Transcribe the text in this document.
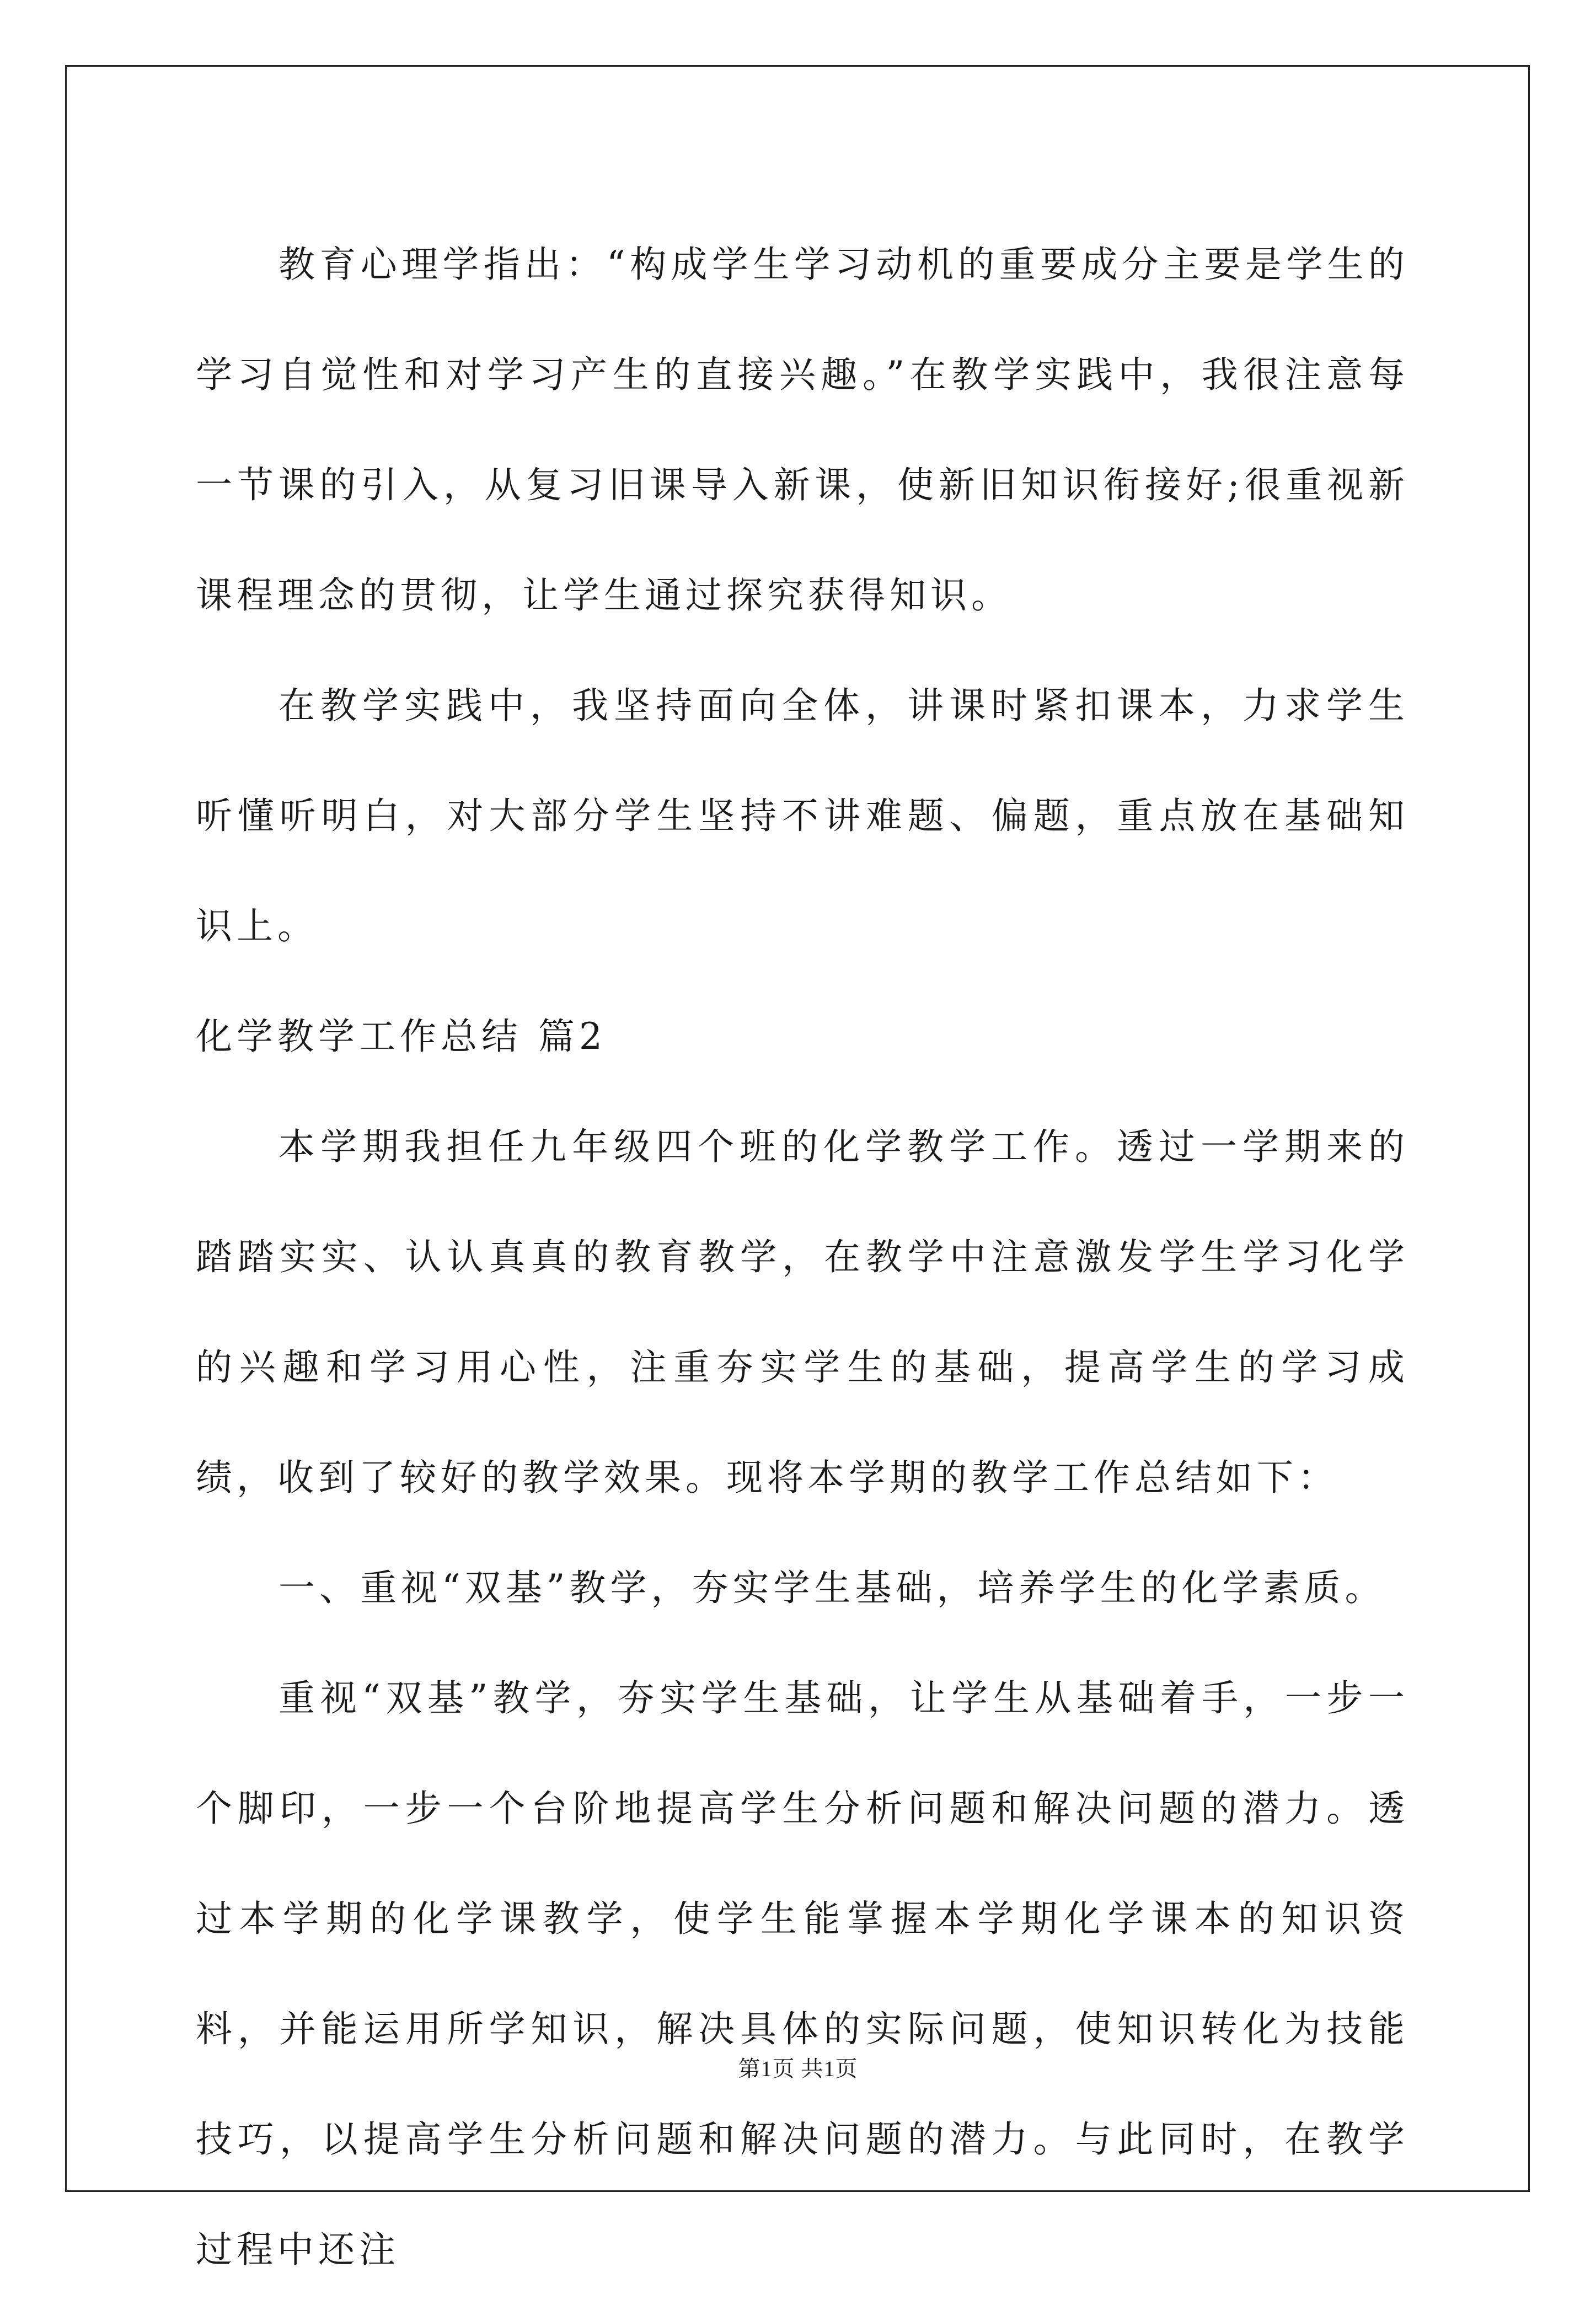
教育心理学指出：“构成学生学习动机的重要成分主要是学生的学习自觉性和对学习产生的直接兴趣。”在教学实践中，我很注意每一节课的引入，从复习旧课导入新课，使新旧知识衔接好;很重视新课程理念的贯彻，让学生通过探究获得知识。

在教学实践中，我坚持面向全体，讲课时紧扣课本，力求学生听懂听明白，对大部分学生坚持不讲难题、偏题，重点放在基础知识上。

化学教学工作总结 篇2

本学期我担任九年级四个班的化学教学工作。透过一学期来的踏踏实实、认认真真的教育教学，在教学中注意激发学生学习化学的兴趣和学习用心性，注重夯实学生的基础，提高学生的学习成绩，收到了较好的教学效果。现将本学期的教学工作总结如下：

一、重视“双基”教学，夯实学生基础，培养学生的化学素质。

重视“双基”教学，夯实学生基础，让学生从基础着手，一步一个脚印，一步一个台阶地提高学生分析问题和解决问题的潜力。透过本学期的化学课教学，使学生能掌握本学期化学课本的知识资料，并能运用所学知识，解决具体的实际问题，使知识转化为技能技巧，以提高学生分析问题和解决问题的潜力。与此同时，在教学过程中还注

第1页 共1页
